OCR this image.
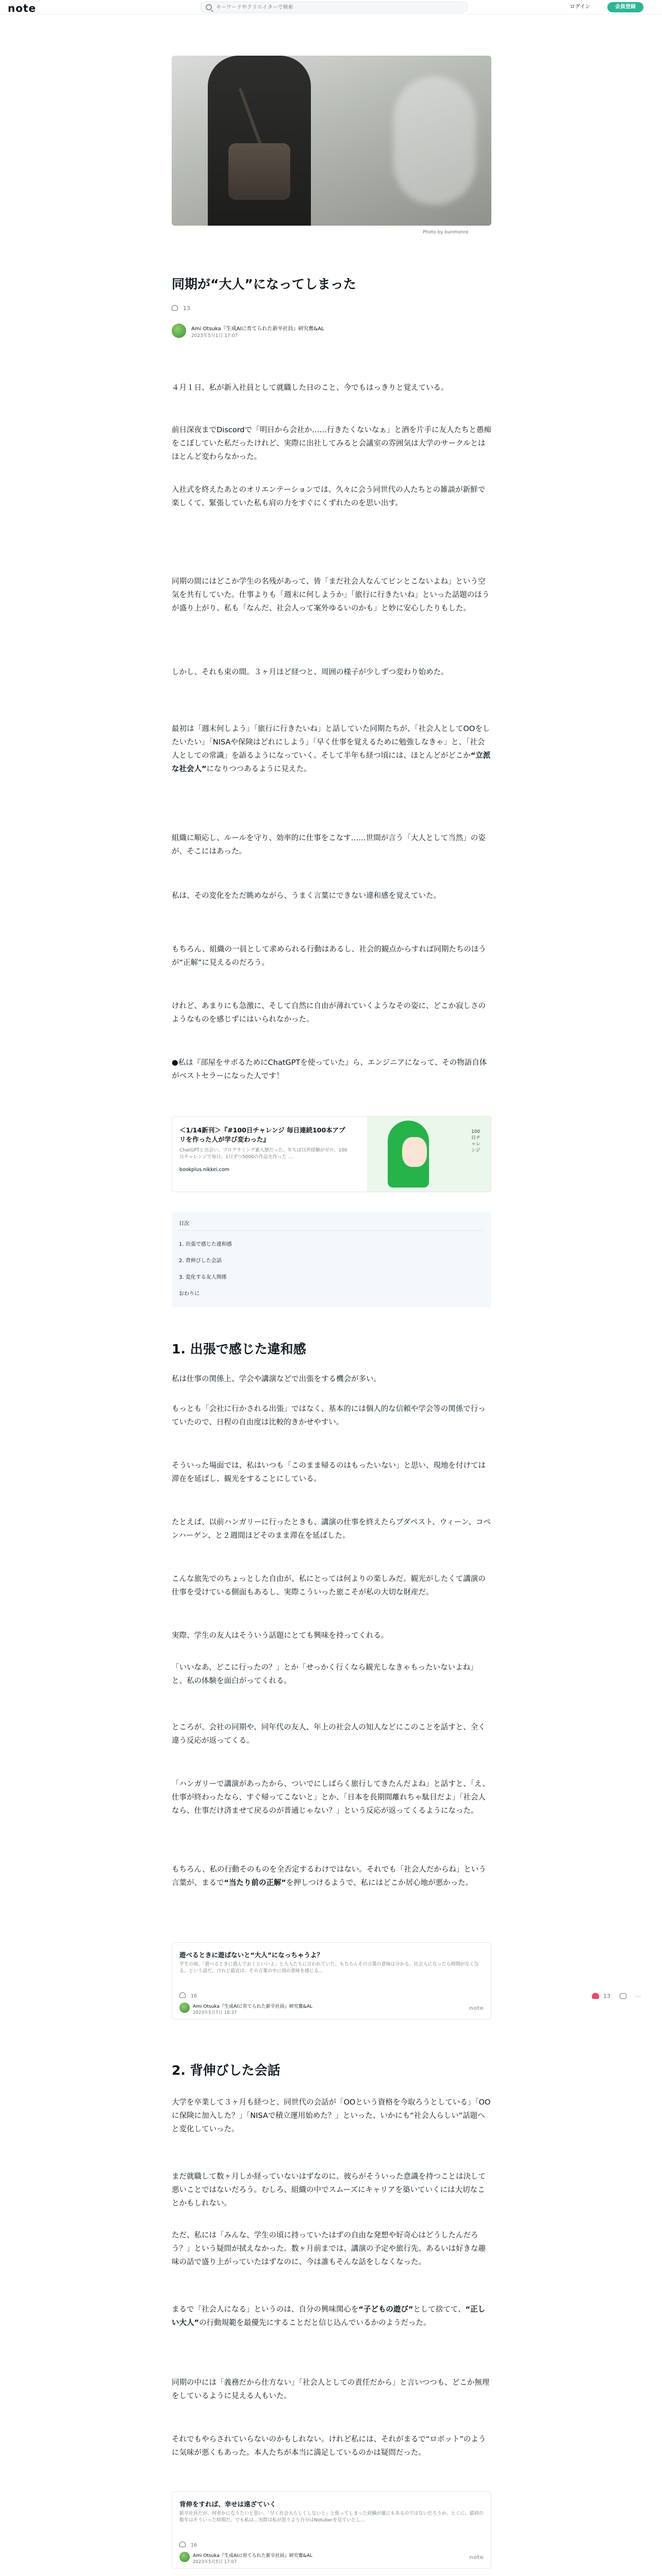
note
キーワードやクリエイターで検索	ログイン	会員登録
Photo by bunmonre
同期が“大人”になってしまった
13
Ami Otsuka『生成AIに育てられた新卒社員』研究奮&AL
2023年5月1日 17:07

４月１日、私が新入社員として就職した日のこと、今でもはっきりと覚えている。

前日深夜までDiscordで「明日から会社か……行きたくないなぁ」と酒を片手に友人たちと愚痴をこぼしていた私だったけれど、実際に出社してみると会議室の雰囲気は大学のサークルとはほとんど変わらなかった。

入社式を終えたあとのオリエンテーションでは、久々に会う同世代の人たちとの雑談が新鮮で楽しくて、緊張していた私も肩の力をすぐにくずれたのを思い出す。

同期の間にはどこか学生の名残があって、皆「まだ社会人なんてピンとこないよね」という空気を共有していた。仕事よりも「週末に何しようか」「旅行に行きたいね」といった話題のほうが盛り上がり、私も「なんだ、社会人って案外ゆるいのかも」と妙に安心したりもした。

しかし、それも束の間。３ヶ月ほど経つと、周囲の様子が少しずつ変わり始めた。

最初は「週末何しよう」「旅行に行きたいね」と話していた同期たちが、「社会人としてOOをしたいたい」「NISAや保険はどれにしよう」「早く仕事を覚えるために勉強しなきゃ」と、「社会人としての常識」を語るようになっていく。そして半年も経つ頃には、ほとんどがどこか“立派な社会人”になりつつあるように見えた。

組織に順応し、ルールを守り、効率的に仕事をこなす……世間が言う「大人として当然」の姿が、そこにはあった。

私は、その変化をただ眺めながら、うまく言葉にできない違和感を覚えていた。

もちろん、組織の一員として求められる行動はあるし、社会的観点からすれば同期たちのほうが“正解”に見えるのだろう。

けれど、あまりにも急激に、そして自然に自由が薄れていくようなその姿に、どこか寂しさのようなものを感じずにはいられなかった。

●私は『部屋をサボるためにChatGPTを使っていた』ら、エンジニアになって、その物語自体がベストセラーになった人です！

＜1/14新刊＞『#100日チャレンジ 毎日連続100本アプリを作った人が学び変わった』
ChatGPTと出会い、プログラミング素人歴だった、年ちぼ以外経験がゼロ、100日チャレンジで毎日、1日ずつ5000の作品を作った …
bookplus.nikkei.com
100日チャレンジ
目次
1. 出張で感じた違和感
2. 背伸びした会話
3. 変化する友人関係
おわりに
1. 出張で感じた違和感

私は仕事の関係上、学会や講演などで出張をする機会が多い。

もっとも「会社に行かされる出張」ではなく、基本的には個人的な信頼や学会等の関係で行っていたので、日程の自由度は比較的きかせやすい。

そういった場面では、私はいつも「このまま帰るのはもったいない」と思い、現地を付けては滞在を延ばし、観光をすることにしている。

たとえば、以前ハンガリーに行ったときも、講演の仕事を終えたらブダペスト、ウィーン、コペンハーゲン、と２週間ほどそのまま滞在を延ばした。

こんな旅先でのちょっとした自由が、私にとっては何よりの楽しみだ。観光がしたくて講演の仕事を受けている側面もあるし、実際こういった旅こそが私の大切な財産だ。

実際、学生の友人はそういう話題にとても興味を持ってくれる。

「いいなあ、どこに行ったの？」とか「せっかく行くなら観光しなきゃもったいないよね」と、私の体験を面白がってくれる。

ところが、会社の同期や、同年代の友人、年上の社会人の知人などにこのことを話すと、全く違う反応が返ってくる。

「ハンガリーで講演があったから、ついでにしばらく旅行してきたんだよね」と話すと、「え、仕事が終わったなら、すぐ帰ってこないと」とか、「日本を長期間離れちゃ駄目だよ」「社会人なら、仕事だけ済ませて戻るのが普通じゃない？」という反応が返ってくるようになった。

もちろん、私の行動そのものを全否定するわけではない。それでも「社会人だからね」という言葉が、まるで“当たり前の正解”を押しつけるようで、私にはどこか居心地が悪かった。

遊べるときに遊ばないと“大人”になっちゃうよ？
学生の頃、「遊べるときに遊んでおくといいよ」と大人たちに言われていた。もちろんその言葉の意味は分かる。社会人になったら時間がなくなる、という話だ。けれど最近は、その言葉の中に別の意味を感じる…
16
Ami Otsuka『生成AIに育てられた新卒社員』研究奮&AL
2023年5月7日 18:37
note
13	⋯
2. 背伸びした会話

大学を卒業して３ヶ月も経つと、同世代の会話が「OOという資格を今取ろうとしている」「OOに保険に加入した？」「NISAで積立運用始めた？」といった、いかにも“社会人らしい”話題へと変化していった。

まだ就職して数ヶ月しか経っていないはずなのに、彼らがそういった意識を持つことは決して悪いことではないだろう。むしろ、組織の中でスムーズにキャリアを築いていくには大切なことかもしれない。

ただ、私には「みんな、学生の頃に持っていたはずの自由な発想や好奇心はどうしたんだろう？」という疑問が拭えなかった。数ヶ月前までは、講演の予定や旅行先、あるいは好きな趣味の話で盛り上がっていたはずなのに、今は誰もそんな話をしなくなった。

まるで「社会人になる」というのは、自分の興味関心を“子どもの遊び”として捨てて、“正しい大人”の行動規範を最優先にすることだと信じ込んでいるかのようだった。

同期の中には「義務だから仕方ない」「社会人としての責任だから」と言いつつも、どこか無理をしているように見える人もいた。

それでもやらされていらないのかもしれない。けれど私には、それがまるで“ロボット”のように気味が悪くもあった。本人たちが本当に満足しているのかは疑問だった。

背伸をすれば、幸せは遠ざていく
新卒社員だが、何者かになりたいと思い、「早く社会人らしくしないと」と焦ってしまった経験が誰にもあるのではないだろうか。とくに、最初の数年はそういった時期だ。でも私は…実際は私が思うより自分はNotuberを見ていたし…
16
Ami Otsuka『生成AIに育てられた新卒社員』研究奮&AL
2023年5月5日 17:07
note
